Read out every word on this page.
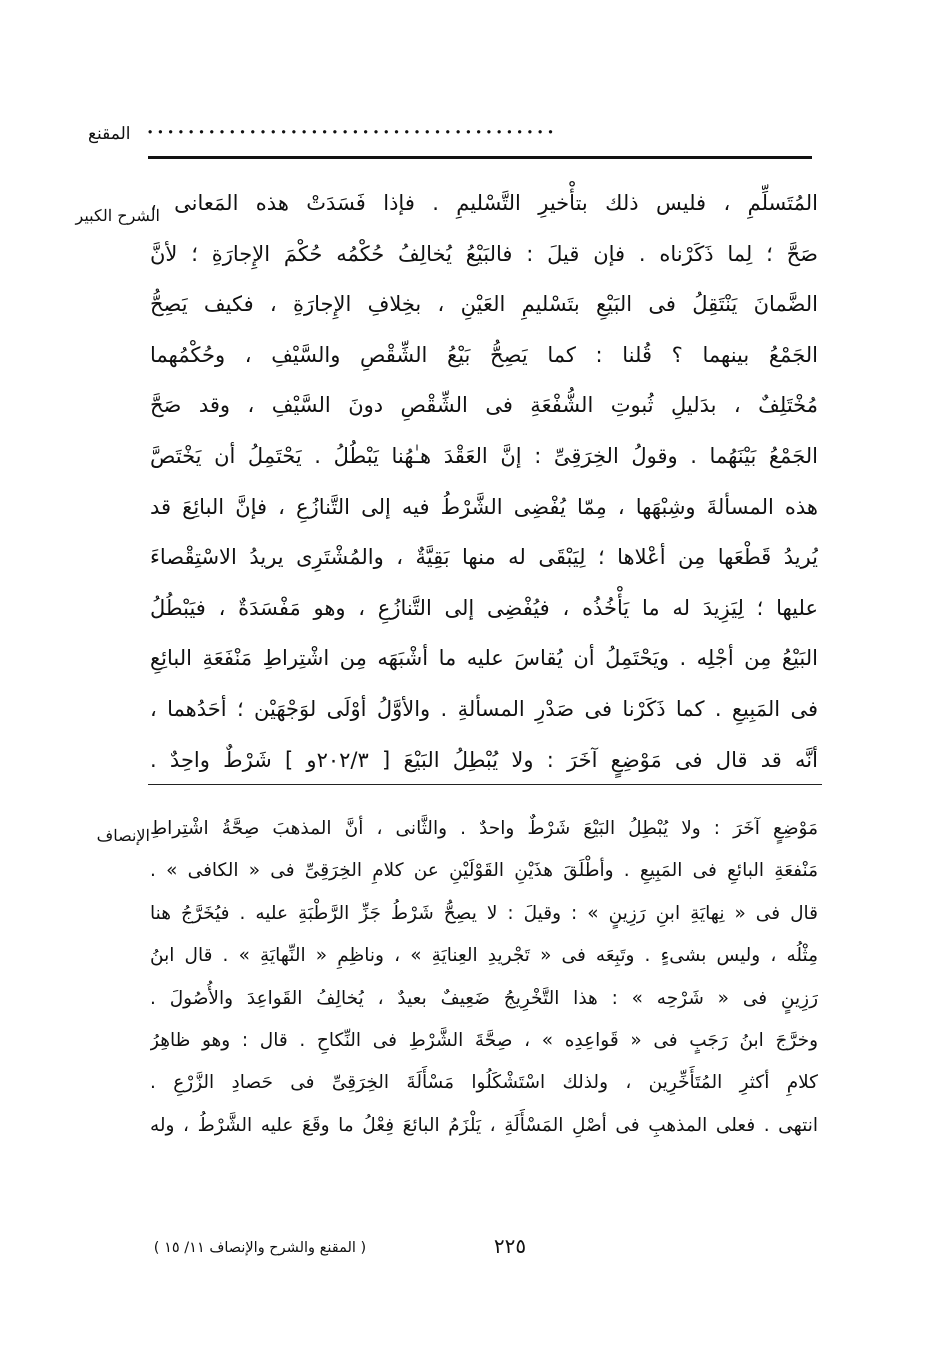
المقنع ........................................
الشرح الكبير
الإنصاف
المُتَسلِّمِ ، فليس ذلك بتأْخيرِ التَّسْليمِ . فإذا فَسَدَتْ هذه المَعانى ،
صَحَّ ؛ لِما ذَكَرْناه . فإن قيلَ : فالبَيْعُ يُخالِفُ حُكْمُه حُكْمَ الإِجارَةِ ؛ لأنَّ
الضَّمانَ يَنْتَقِلُ فى البَيْعِ بتَسْليمِ العَيْنِ ، بخِلافِ الإِجارَةِ ، فكيف يَصِحُّ
الجَمْعُ بينهما ؟ قُلنا : كما يَصِحُّ بَيْعُ الشِّقْصِ والسَّيْفِ ، وحُكْمُهما
مُخْتَلِفٌ ، بدَليلِ ثُبوتِ الشُّفْعَةِ فى الشِّقْصِ دونَ السَّيْفِ ، وقد صَحَّ
الجَمْعُ بَيْنَهُما . وقولُ الخِرَقِىِّ : إنَّ العَقْدَ هـٰهُنا يَبْطُلُ . يَحْتَمِلُ أن يَخْتَصَّ
هذه المسألةَ وشِبْهَها ، مِمّا يُفْضِى الشَّرْطُ فيه إلى التَّنازُعِ ، فإنَّ البائِعَ قد
يُريدُ قَطْعَها مِن أعْلاها ؛ لِيَبْقَى له منها بَقِيَّةٌ ، والمُشْتَرِى يريدُ الاسْتِقْصاءَ
عليها ؛ لِيَزِيدَ له ما يَأْخُذُه ، فيُفْضِى إلى التَّنازُعِ ، وهو مَفْسَدَةٌ ، فيَبْطُلُ
البَيْعُ مِن أجْلِه . ويَحْتَمِلُ أن يُقاسَ عليه ما أشْبَهَه مِن اشْتِراطِ مَنْفَعَةِ البائِعِ
فى المَبِيعِ . كما ذَكَرْنا فى صَدْرِ المسألةِ . والأوَّلُ أوْلَى لوَجْهَيْن ؛ أحَدُهما ،
أنَّه قد قال فى مَوْضِعٍ آخَرَ : ولا يُبْطِلُ البَيْعَ [ ٢٠٢/٣و ] شَرْطٌ واحِدٌ .
مَوْضِعٍ آخَرَ : ولا يُبْطِلُ البَيْعَ شَرْطٌ واحدٌ . والثَّانى ، أنَّ المذهبَ صِحَّةُ اشْتِراطِ
مَنْفعَةِ البائعِ فى المَبِيعِ . وأطْلَقَ هذَيْنِ القَوْلَيْنِ عن كلامِ الخِرَقِىِّ فى « الكافى » .
قال فى « نِهايَةِ ابنِ رَزِينٍ » : وقيلَ : لا يصِحُّ شَرْطُ جَزِّ الرَّطْبَةِ عليه . فيُخَرَّجُ هنا
مِثْلُه ، وليس بشىءٍ . وتَبِعَه فى « تَجْريدِ العِنايَةِ » ، وناظِمِ « النِّهايَةِ » . قال ابنُ
رَزِينٍ فى « شَرْحِه » : هذا التَّخْرِيجُ ضَعِيفٌ بعيدٌ ، يُخالِفُ القَواعِدَ والأُصُولَ .
وخرَّجَ ابنُ رَجَبٍ فى « قَواعِدِه » ، صِحَّةَ الشَّرْطِ فى النِّكاحِ . قال : وهو ظاهِرُ
كلامِ أكثرِ المُتَأَخِّرِين ، ولذلك اسْتَشْكَلُوا مَسْأَلَةَ الخِرَقِىِّ فى حَصادِ الزَّرْعِ .
انتهى . فعلى المذهبِ فى أصْلِ المَسْأَلَةِ ، يَلْزَمُ البائعَ فِعْلُ ما وقَعَ عليه الشَّرْطُ ، وله
٢٢٥
( المقنع والشرح والإنصاف ١١/ ١٥ )
